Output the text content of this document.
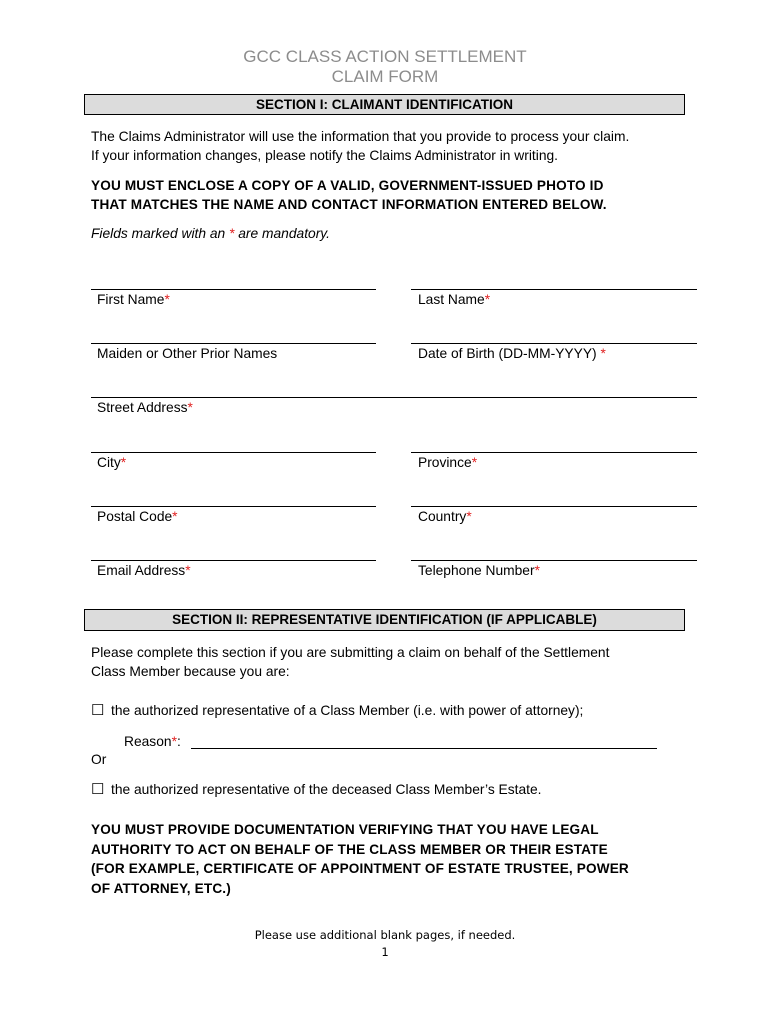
GCC CLASS ACTION SETTLEMENT
CLAIM FORM
SECTION I: CLAIMANT IDENTIFICATION
The Claims Administrator will use the information that you provide to process your claim.
If your information changes, please notify the Claims Administrator in writing.
YOU MUST ENCLOSE A COPY OF A VALID, GOVERNMENT-ISSUED PHOTO ID
THAT MATCHES THE NAME AND CONTACT INFORMATION ENTERED BELOW.
Fields marked with an * are mandatory.
First Name*	Last Name*
Maiden or Other Prior Names	Date of Birth (DD-MM-YYYY) *
Street Address*
City*	Province*
Postal Code*	Country*
Email Address*	Telephone Number*
SECTION II: REPRESENTATIVE IDENTIFICATION (IF APPLICABLE)
Please complete this section if you are submitting a claim on behalf of the Settlement
Class Member because you are:
☐ the authorized representative of a Class Member (i.e. with power of attorney);
Reason*:
Or
☐ the authorized representative of the deceased Class Member’s Estate.
YOU MUST PROVIDE DOCUMENTATION VERIFYING THAT YOU HAVE LEGAL
AUTHORITY TO ACT ON BEHALF OF THE CLASS MEMBER OR THEIR ESTATE
(FOR EXAMPLE, CERTIFICATE OF APPOINTMENT OF ESTATE TRUSTEE, POWER
OF ATTORNEY, ETC.)
Please use additional blank pages, if needed.
1
